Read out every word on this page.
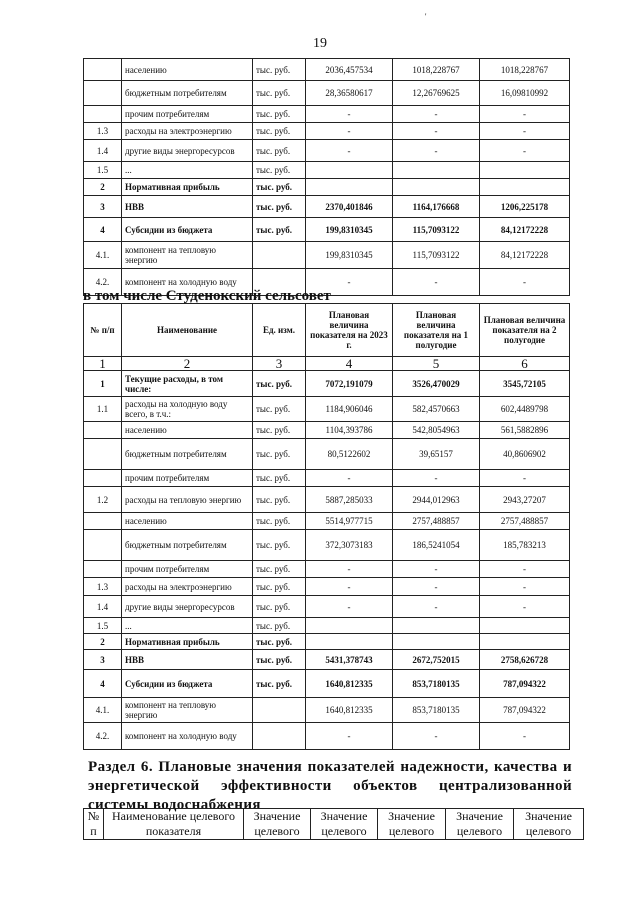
19
'
	населению	тыс. руб.	2036,457534	1018,228767	1018,228767
	бюджетным потребителям	тыс. руб.	28,36580617	12,26769625	16,09810992
	прочим потребителям	тыс. руб.	-	-	-
1.3	расходы на электроэнергию	тыс. руб.	-	-	-
1.4	другие виды энергоресурсов	тыс. руб.	-	-	-
1.5	...	тыс. руб.			
2	Нормативная прибыль	тыс. руб.			
3	НВВ	тыс. руб.	2370,401846	1164,176668	1206,225178
4	Субсидии из бюджета	тыс. руб.	199,8310345	115,7093122	84,12172228
4.1.	компонент на тепловую энергию		199,8310345	115,7093122	84,12172228
4.2.	компонент на холодную воду		-	-	-
в том числе Студенокский сельсовет
№ п/п	Наименование	Ед. изм.	Плановая величина показателя на 2023 г.	Плановая величина показателя на 1 полугодие	Плановая величина показателя на 2 полугодие
1	2	3	4	5	6
1	Текущие расходы, в том числе:	тыс. руб.	7072,191079	3526,470029	3545,72105
1.1	расходы на холодную воду всего, в т.ч.:	тыс. руб.	1184,906046	582,4570663	602,4489798
	населению	тыс. руб.	1104,393786	542,8054963	561,5882896
	бюджетным потребителям	тыс. руб.	80,5122602	39,65157	40,8606902
	прочим потребителям	тыс. руб.	-	-	-
1.2	расходы на тепловую энергию	тыс. руб.	5887,285033	2944,012963	2943,27207
	населению	тыс. руб.	5514,977715	2757,488857	2757,488857
	бюджетным потребителям	тыс. руб.	372,3073183	186,5241054	185,783213
	прочим потребителям	тыс. руб.	-	-	-
1.3	расходы на электроэнергию	тыс. руб.	-	-	-
1.4	другие виды энергоресурсов	тыс. руб.	-	-	-
1.5	...	тыс. руб.			
2	Нормативная прибыль	тыс. руб.			
3	НВВ	тыс. руб.	5431,378743	2672,752015	2758,626728
4	Субсидии из бюджета	тыс. руб.	1640,812335	853,7180135	787,094322
4.1.	компонент на тепловую энергию		1640,812335	853,7180135	787,094322
4.2.	компонент на холодную воду		-	-	-
Раздел 6. Плановые значения показателей надежности, качества и энергетической эффективности объектов централизованной системы водоснабжения
№ п	Наименование целевого показателя	Значение целевого	Значение целевого	Значение целевого	Значение целевого	Значение целевого
